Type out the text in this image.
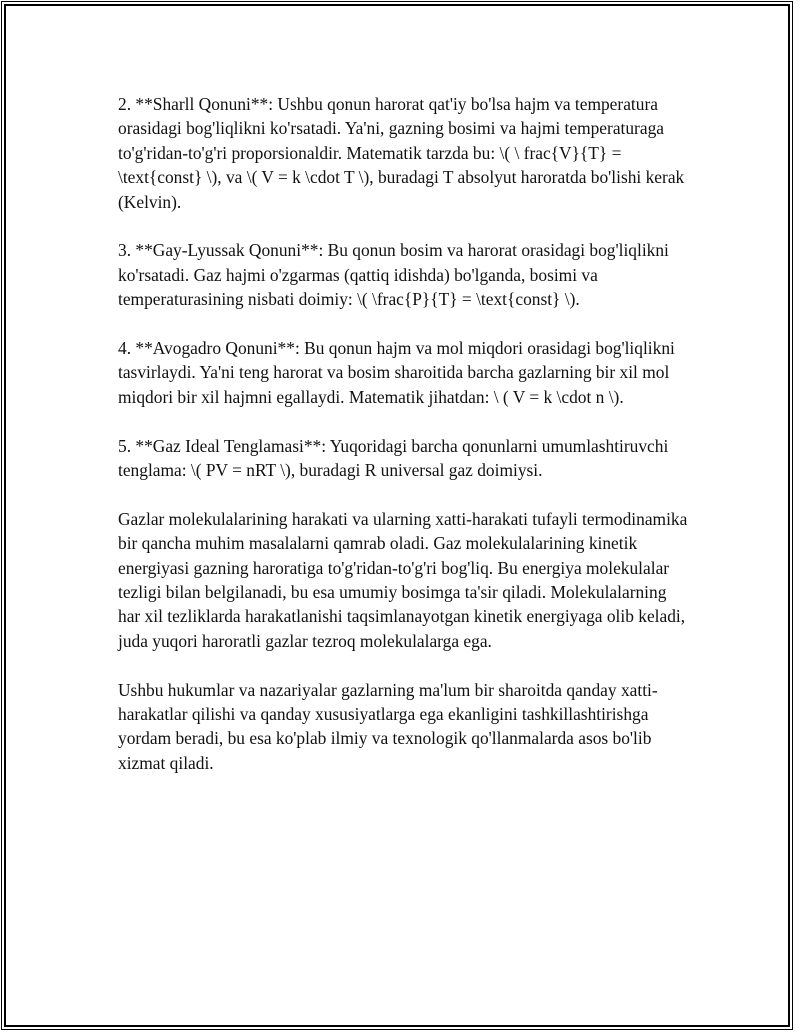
2. **Sharll Qonuni**: Ushbu qonun harorat qat'iy bo'lsa hajm va temperatura orasidagi bog'liqlikni ko'rsatadi. Ya'ni, gazning bosimi va hajmi temperaturaga to'g'ridan-to'g'ri proporsionaldir. Matematik tarzda bu: \( \ frac{V}{T} = \text{const} \), va \( V = k \cdot T \), buradagi T absolyut haroratda bo'lishi kerak (Kelvin).

3. **Gay-Lyussak Qonuni**: Bu qonun bosim va harorat orasidagi bog'liqlikni ko'rsatadi. Gaz hajmi o'zgarmas (qattiq idishda) bo'lganda, bosimi va temperaturasining nisbati doimiy: \( \frac{P}{T} = \text{const} \).

4. **Avogadro Qonuni**: Bu qonun hajm va mol miqdori orasidagi bog'liqlikni tasvirlaydi. Ya'ni teng harorat va bosim sharoitida barcha gazlarning bir xil mol miqdori bir xil hajmni egallaydi. Matematik jihatdan: \ ( V = k \cdot n \).

5. **Gaz Ideal Tenglamasi**: Yuqoridagi barcha qonunlarni umumlashtiruvchi tenglama: \( PV = nRT \), buradagi R universal gaz doimiysi.

Gazlar molekulalarining harakati va ularning xatti-harakati tufayli termodinamika bir qancha muhim masalalarni qamrab oladi. Gaz molekulalarining kinetik energiyasi gazning haroratiga to'g'ridan-to'g'ri bog'liq. Bu energiya molekulalar tezligi bilan belgilanadi, bu esa umumiy bosimga ta'sir qiladi. Molekulalarning har xil tezliklarda harakatlanishi taqsimlanayotgan kinetik energiyaga olib keladi, juda yuqori haroratli gazlar tezroq molekulalarga ega.

Ushbu hukumlar va nazariyalar gazlarning ma'lum bir sharoitda qanday xatti-harakatlar qilishi va qanday xususiyatlarga ega ekanligini tashkillashtirishga yordam beradi, bu esa ko'plab ilmiy va texnologik qo'llanmalarda asos bo'lib xizmat qiladi.
